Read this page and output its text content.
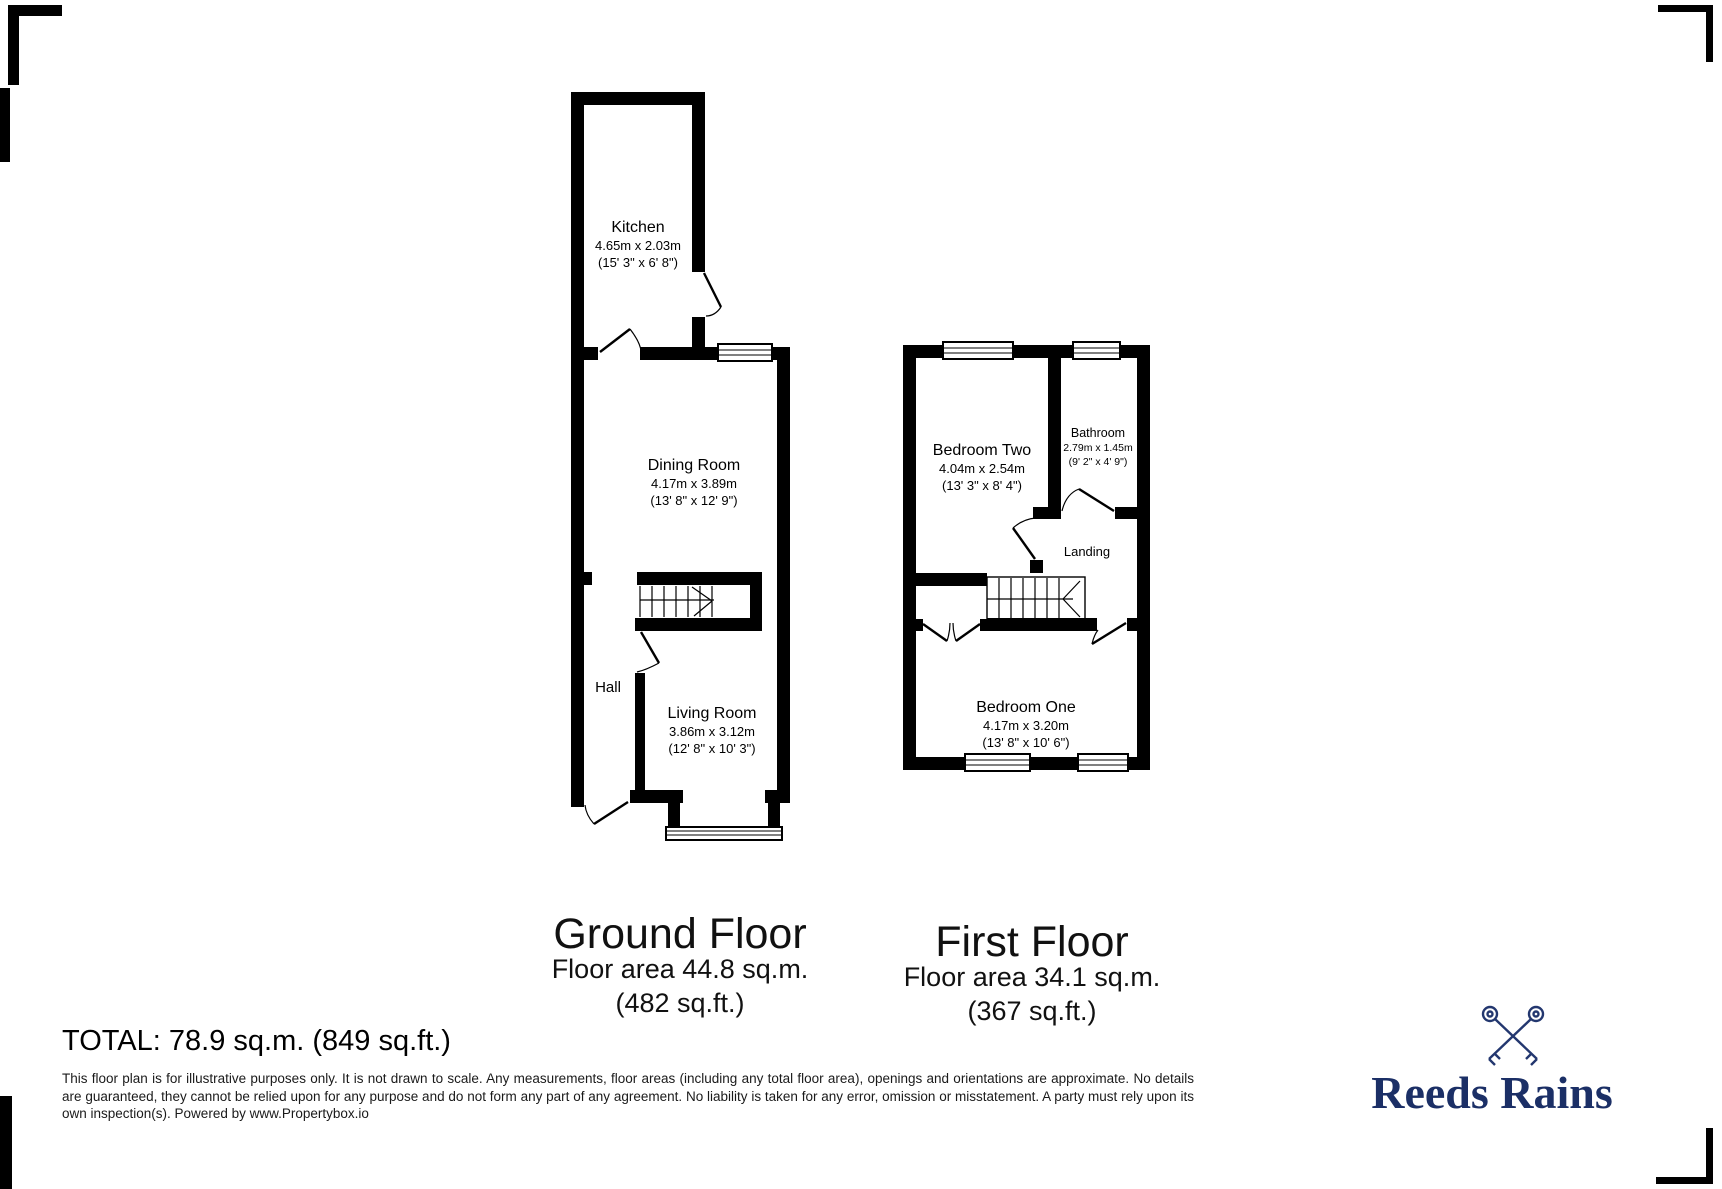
Kitchen
4.65m x 2.03m
(15' 3" x 6' 8")
Dining Room
4.17m x 3.89m
(13' 8" x 12' 9")
Hall
Living Room
3.86m x 3.12m
(12' 8" x 10' 3")
Bedroom Two
4.04m x 2.54m
(13' 3" x 8' 4")
Bathroom
2.79m x 1.45m
(9' 2" x 4' 9")
Landing
Bedroom One
4.17m x 3.20m
(13' 8" x 10' 6")
Ground Floor
Floor area 44.8 sq.m.
(482 sq.ft.)
First Floor
Floor area 34.1 sq.m.
(367 sq.ft.)
TOTAL: 78.9 sq.m. (849 sq.ft.)
Reeds Rains
This floor plan is for illustrative purposes only. It is not drawn to scale. Any measurements, floor areas (including any total floor area), openings and orientations are approximate. No details are guaranteed, they cannot be relied upon for any purpose and do not form any part of any agreement. No liability is taken for any error, omission or misstatement. A party must rely upon its own inspection(s). Powered by www.Propertybox.io
